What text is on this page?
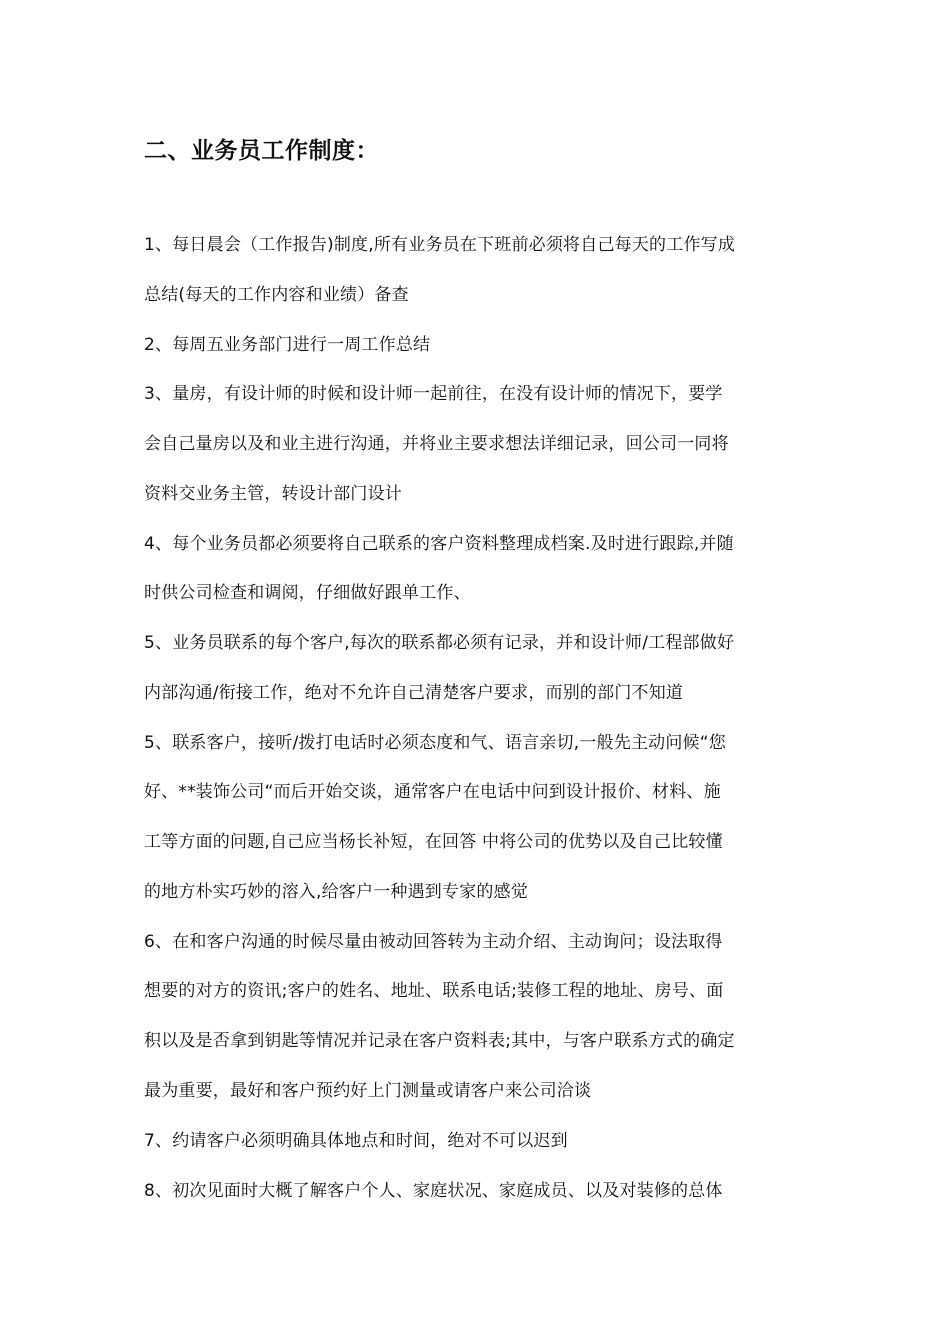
二、业务员工作制度：
1、每日晨会（工作报告)制度,所有业务员在下班前必须将自己每天的工作写成
总结(每天的工作内容和业绩）备查
2、每周五业务部门进行一周工作总结
3、量房，有设计师的时候和设计师一起前往，在没有设计师的情况下，要学
会自己量房以及和业主进行沟通，并将业主要求想法详细记录，回公司一同将
资料交业务主管，转设计部门设计
4、每个业务员都必须要将自己联系的客户资料整理成档案.及时进行跟踪,并随
时供公司检查和调阅，仔细做好跟单工作、
5、业务员联系的每个客户,每次的联系都必须有记录，并和设计师/工程部做好
内部沟通/衔接工作，绝对不允许自己清楚客户要求，而别的部门不知道
5、联系客户，接听/拨打电话时必须态度和气、语言亲切,一般先主动问候“您
好、**装饰公司“而后开始交谈，通常客户在电话中问到设计报价、材料、施
工等方面的问题,自己应当杨长补短，在回答 中将公司的优势以及自己比较懂
的地方朴实巧妙的溶入,给客户一种遇到专家的感觉
6、在和客户沟通的时候尽量由被动回答转为主动介绍、主动询问；设法取得
想要的对方的资讯;客户的姓名、地址、联系电话;装修工程的地址、房号、面
积以及是否拿到钥匙等情况并记录在客户资料表;其中，与客户联系方式的确定
最为重要，最好和客户预约好上门测量或请客户来公司洽谈
7、约请客户必须明确具体地点和时间，绝对不可以迟到
8、初次见面时大概了解客户个人、家庭状况、家庭成员、以及对装修的总体
